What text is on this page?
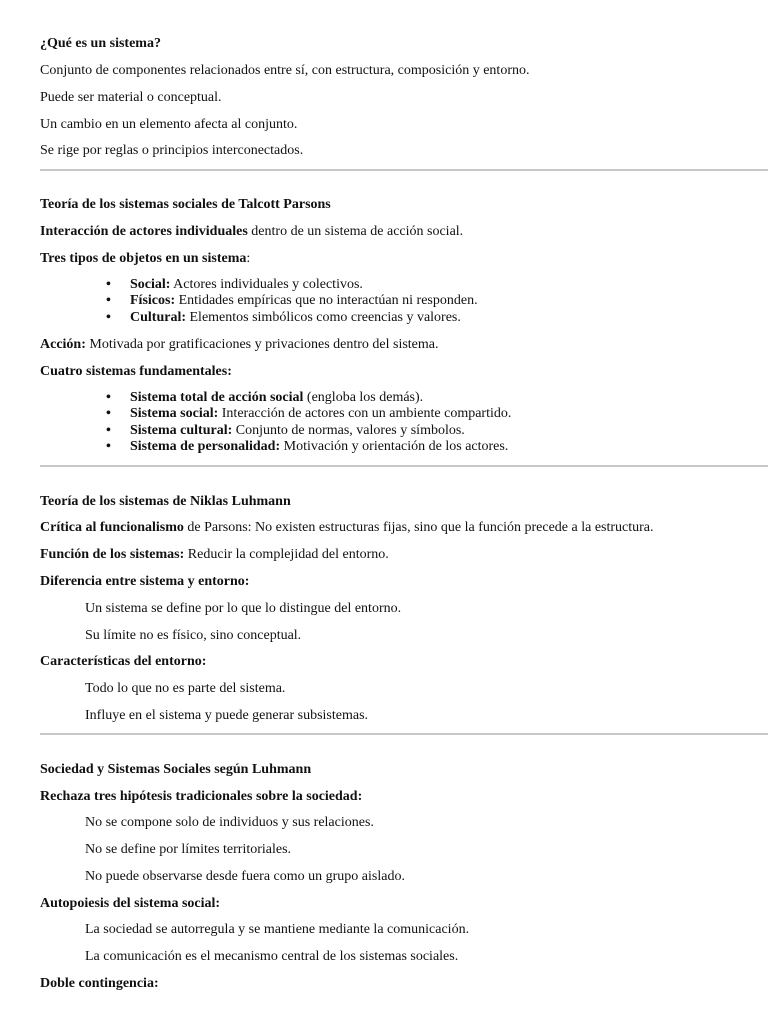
¿Qué es un sistema?
Conjunto de componentes relacionados entre sí, con estructura, composición y entorno.
Puede ser material o conceptual.
Un cambio en un elemento afecta al conjunto.
Se rige por reglas o principios interconectados.
Teoría de los sistemas sociales de Talcott Parsons
Interacción de actores individuales dentro de un sistema de acción social.
Tres tipos de objetos en un sistema:
• Social: Actores individuales y colectivos.
• Físicos: Entidades empíricas que no interactúan ni responden.
• Cultural: Elementos simbólicos como creencias y valores.
Acción: Motivada por gratificaciones y privaciones dentro del sistema.
Cuatro sistemas fundamentales:
• Sistema total de acción social (engloba los demás).
• Sistema social: Interacción de actores con un ambiente compartido.
• Sistema cultural: Conjunto de normas, valores y símbolos.
• Sistema de personalidad: Motivación y orientación de los actores.
Teoría de los sistemas de Niklas Luhmann
Crítica al funcionalismo de Parsons: No existen estructuras fijas, sino que la función precede a la estructura.
Función de los sistemas: Reducir la complejidad del entorno.
Diferencia entre sistema y entorno:
Un sistema se define por lo que lo distingue del entorno.
Su límite no es físico, sino conceptual.
Características del entorno:
Todo lo que no es parte del sistema.
Influye en el sistema y puede generar subsistemas.
Sociedad y Sistemas Sociales según Luhmann
Rechaza tres hipótesis tradicionales sobre la sociedad:
No se compone solo de individuos y sus relaciones.
No se define por límites territoriales.
No puede observarse desde fuera como un grupo aislado.
Autopoiesis del sistema social:
La sociedad se autorregula y se mantiene mediante la comunicación.
La comunicación es el mecanismo central de los sistemas sociales.
Doble contingencia:
